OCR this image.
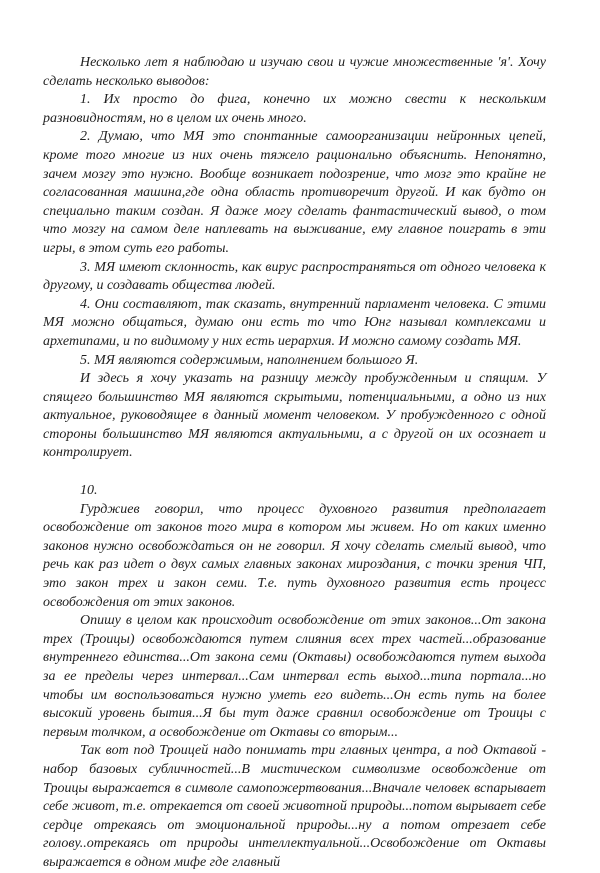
Несколько лет я наблюдаю и изучаю свои и чужие множественные 'я'. Хочу сделать несколько выводов:

1. Их просто до фига, конечно их можно свести к нескольким разновидностям, но в целом их очень много.

2. Думаю, что МЯ это спонтанные самоорганизации нейронных цепей, кроме того многие из них очень тяжело рационально объяснить. Непонятно, зачем мозгу это нужно. Вообще возникает подозрение, что мозг это крайне не согласованная машина,где одна область противоречит другой. И как будто он специально таким создан. Я даже могу сделать фантастический вывод, о том что мозгу на самом деле наплевать на выживание, ему главное поиграть в эти игры, в этом суть его работы.

3. МЯ имеют склонность, как вирус распространяться от одного человека к другому, и создавать общества людей.

4. Они составляют, так сказать, внутренний парламент человека. С этими МЯ можно общаться, думаю они есть то что Юнг называл комплексами и архетипами, и по видимому у них есть иерархия. И можно самому создать МЯ.

5. МЯ являются содержимым, наполнением большого Я.

И здесь я хочу указать на разницу между пробужденным и спящим. У спящего большинство МЯ являются скрытыми, потенциальными, а одно из них актуальное, руководящее в данный момент человеком. У пробужденного с одной стороны большинство МЯ являются актуальными, а с другой он их осознает и контролирует.

10.

Гурджиев говорил, что процесс духовного развития предполагает освобождение от законов того мира в котором мы живем. Но от каких именно законов нужно освобождаться он не говорил. Я хочу сделать смелый вывод, что речь как раз идет о двух самых главных законах мироздания, с точки зрения ЧП, это закон трех и закон семи. Т.е. путь духовного развития есть процесс освобождения от этих законов.

Опишу в целом как происходит освобождение от этих законов...От закона трех (Троицы) освобождаются путем слияния всех трех частей...образование внутреннего единства...От закона семи (Октавы) освобождаются путем выхода за ее пределы через интервал...Сам интервал есть выход...типа портала...но чтобы им воспользоваться нужно уметь его видеть...Он есть путь на более высокий уровень бытия...Я бы тут даже сравнил освобождение от Троицы с первым толчком, а освобождение от Октавы со вторым...

Так вот под Троицей надо понимать три главных центра, а под Октавой - набор базовых субличностей...В мистическом символизме освобождение от Троицы выражается в символе самопожертвования...Вначале человек вспарывает себе живот, т.е. отрекается от своей животной природы...потом вырывает себе сердце отрекаясь от эмоциональной природы...ну а потом отрезает себе голову..отрекаясь от природы интеллектуальной...Освобождение от Октавы выражается в одном мифе где главный
